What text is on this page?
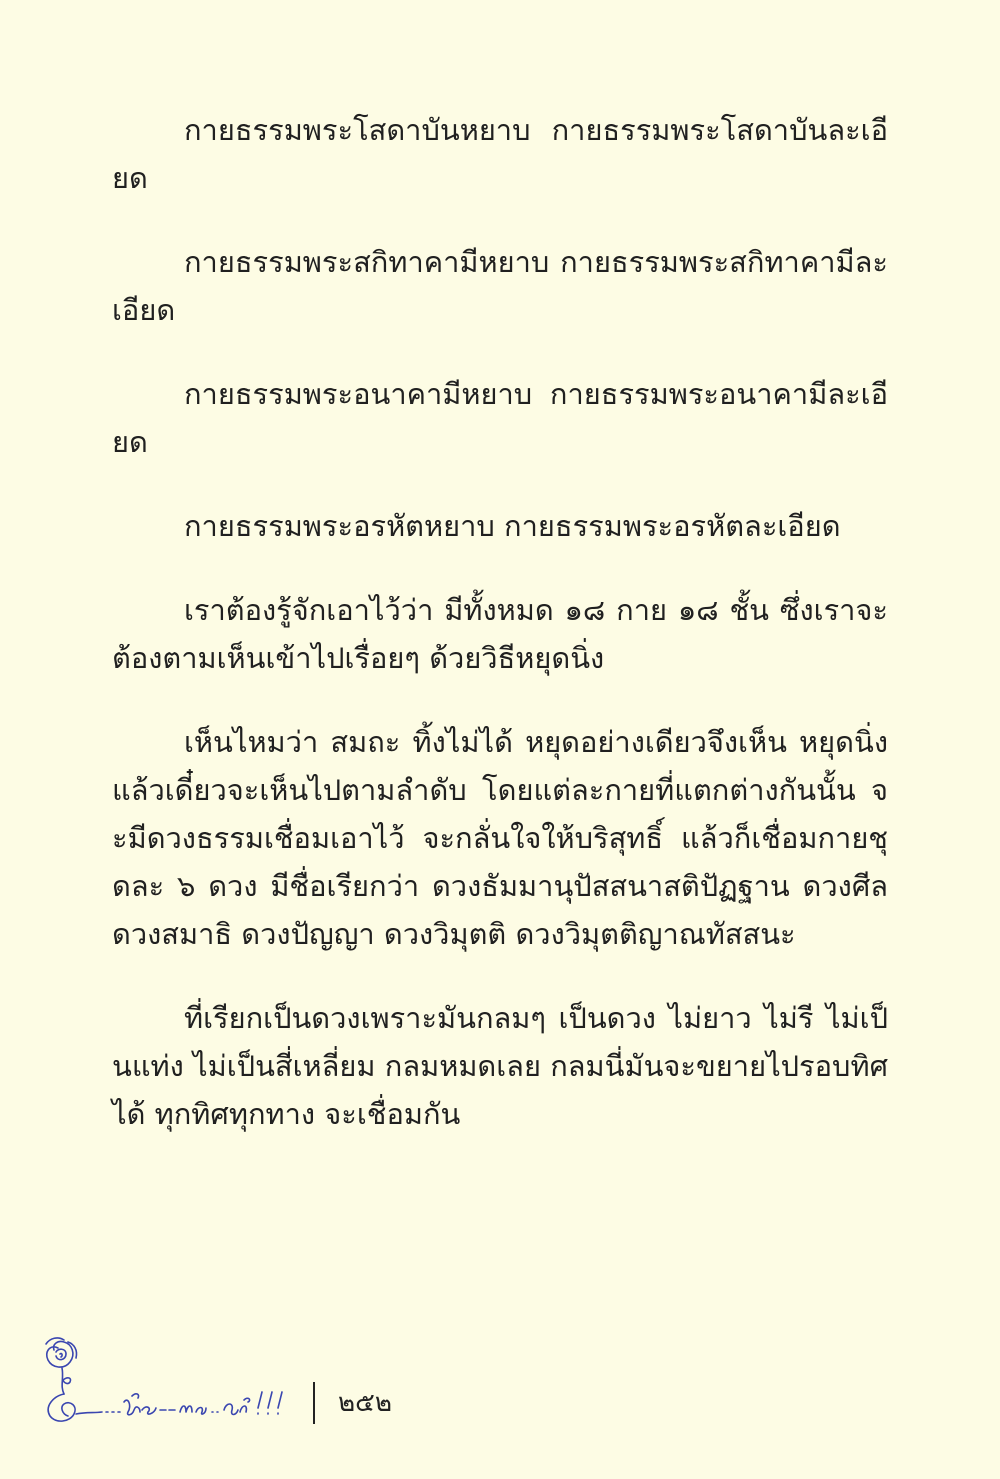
กายธรรมพระโสดาบันหยาบ กายธรรมพระโสดาบันละเอียด

กายธรรมพระสกิทาคามีหยาบ กายธรรมพระสกิทาคามีละเอียด

กายธรรมพระอนาคามีหยาบ กายธรรมพระอนาคามีละเอียด

กายธรรมพระอรหัตหยาบ กายธรรมพระอรหัตละเอียด

เราต้องรู้จักเอาไว้ว่า มีทั้งหมด ๑๘ กาย ๑๘ ชั้น ซึ่งเราจะต้องตามเห็นเข้าไปเรื่อยๆ ด้วยวิธีหยุดนิ่ง

เห็นไหมว่า สมถะ ทิ้งไม่ได้ หยุดอย่างเดียวจึงเห็น หยุดนิ่งแล้วเดี๋ยวจะเห็นไปตามลำดับ โดยแต่ละกายที่แตกต่างกันนั้น จะมีดวงธรรมเชื่อมเอาไว้ จะกลั่นใจให้บริสุทธิ์ แล้วก็เชื่อมกายชุดละ ๖ ดวง มีชื่อเรียกว่า ดวงธัมมานุปัสสนาสติปัฏฐาน ดวงศีล ดวงสมาธิ ดวงปัญญา ดวงวิมุตติ ดวงวิมุตติญาณทัสสนะ

ที่เรียกเป็นดวงเพราะมันกลมๆ เป็นดวง ไม่ยาว ไม่รี ไม่เป็นแท่ง ไม่เป็นสี่เหลี่ยม กลมหมดเลย กลมนี่มันจะขยายไปรอบทิศได้ ทุกทิศทุกทาง จะเชื่อมกัน

๒๕๒
